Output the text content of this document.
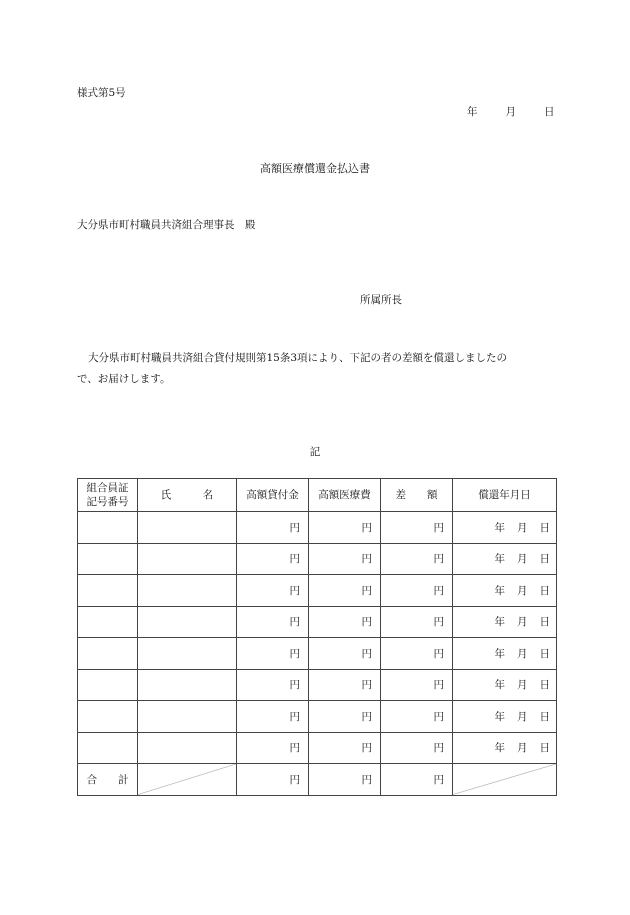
様式第5号
年	月	日
高額医療償還金払込書
大分県市町村職員共済組合理事長　殿
所属所長
大分県市町村職員共済組合貸付規則第15条3項により、下記の者の差額を償還しましたの
で、お届けします。
記
組合員証
記号番号	氏　　　名	高額貸付金	高額医療費	差　　額	償還年月日
		円	円	円	年 月 日
		円	円	円	年 月 日
		円	円	円	年 月 日
		円	円	円	年 月 日
		円	円	円	年 月 日
		円	円	円	年 月 日
		円	円	円	年 月 日
		円	円	円	年 月 日
合　　計		円	円	円	
